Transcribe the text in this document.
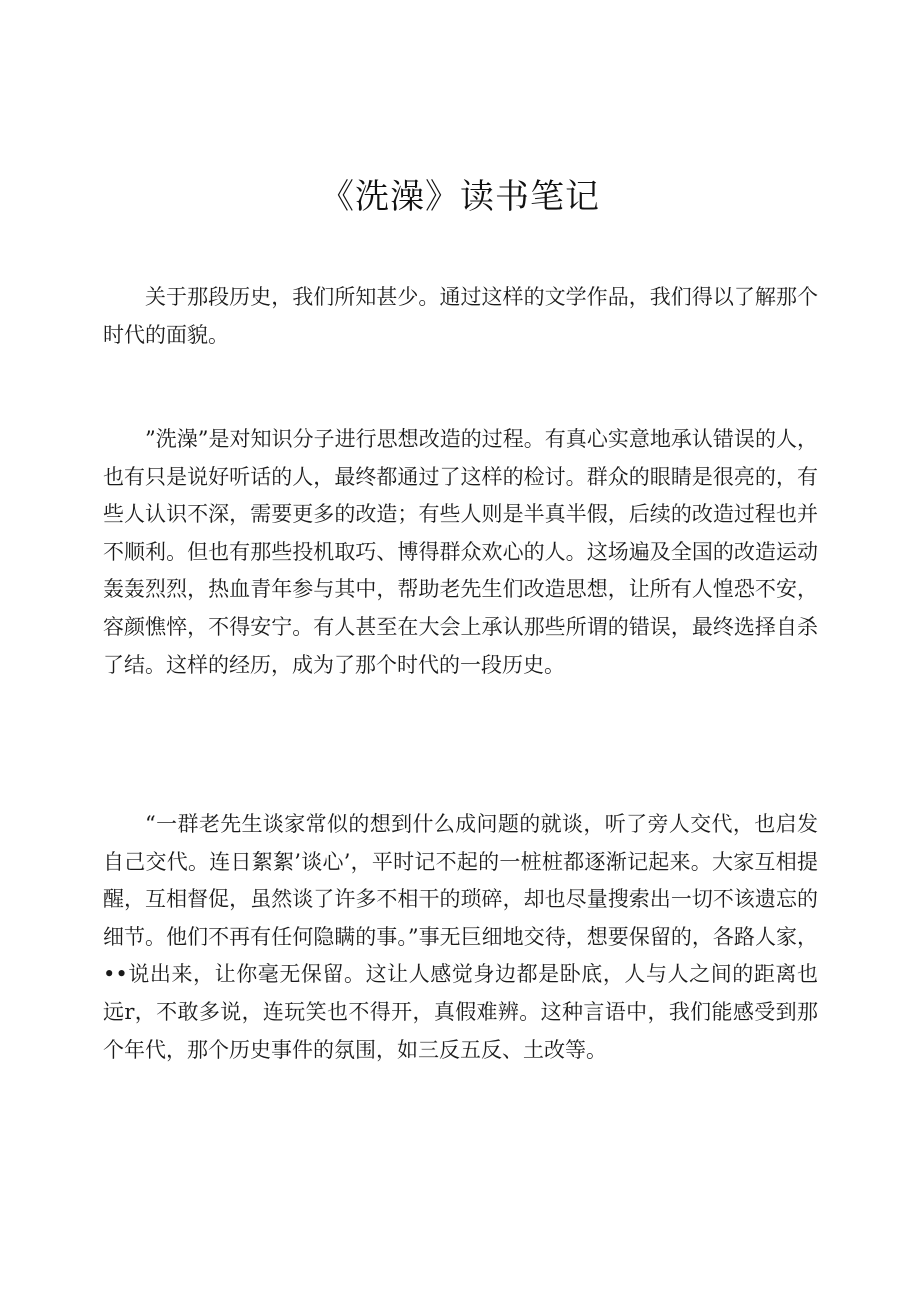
《洗澡》读书笔记

关于那段历史，我们所知甚少。通过这样的文学作品，我们得以了解那个时代的面貌。

”洗澡”是对知识分子进行思想改造的过程。有真心实意地承认错误的人，也有只是说好听话的人，最终都通过了这样的检讨。群众的眼睛是很亮的，有些人认识不深，需要更多的改造；有些人则是半真半假，后续的改造过程也并不顺利。但也有那些投机取巧、博得群众欢心的人。这场遍及全国的改造运动轰轰烈烈，热血青年参与其中，帮助老先生们改造思想，让所有人惶恐不安，容颜憔悴，不得安宁。有人甚至在大会上承认那些所谓的错误，最终选择自杀了结。这样的经历，成为了那个时代的一段历史。

“一群老先生谈家常似的想到什么成问题的就谈，听了旁人交代，也启发自己交代。连日絮絮’谈心’，平时记不起的一桩桩都逐渐记起来。大家互相提醒，互相督促，虽然谈了许多不相干的琐碎，却也尽量搜索出一切不该遗忘的细节。他们不再有任何隐瞒的事。”事无巨细地交待，想要保留的，各路人家，••说出来，让你毫无保留。这让人感觉身边都是卧底，人与人之间的距离也远r，不敢多说，连玩笑也不得开，真假难辨。这种言语中，我们能感受到那个年代，那个历史事件的氛围，如三反五反、土改等。
